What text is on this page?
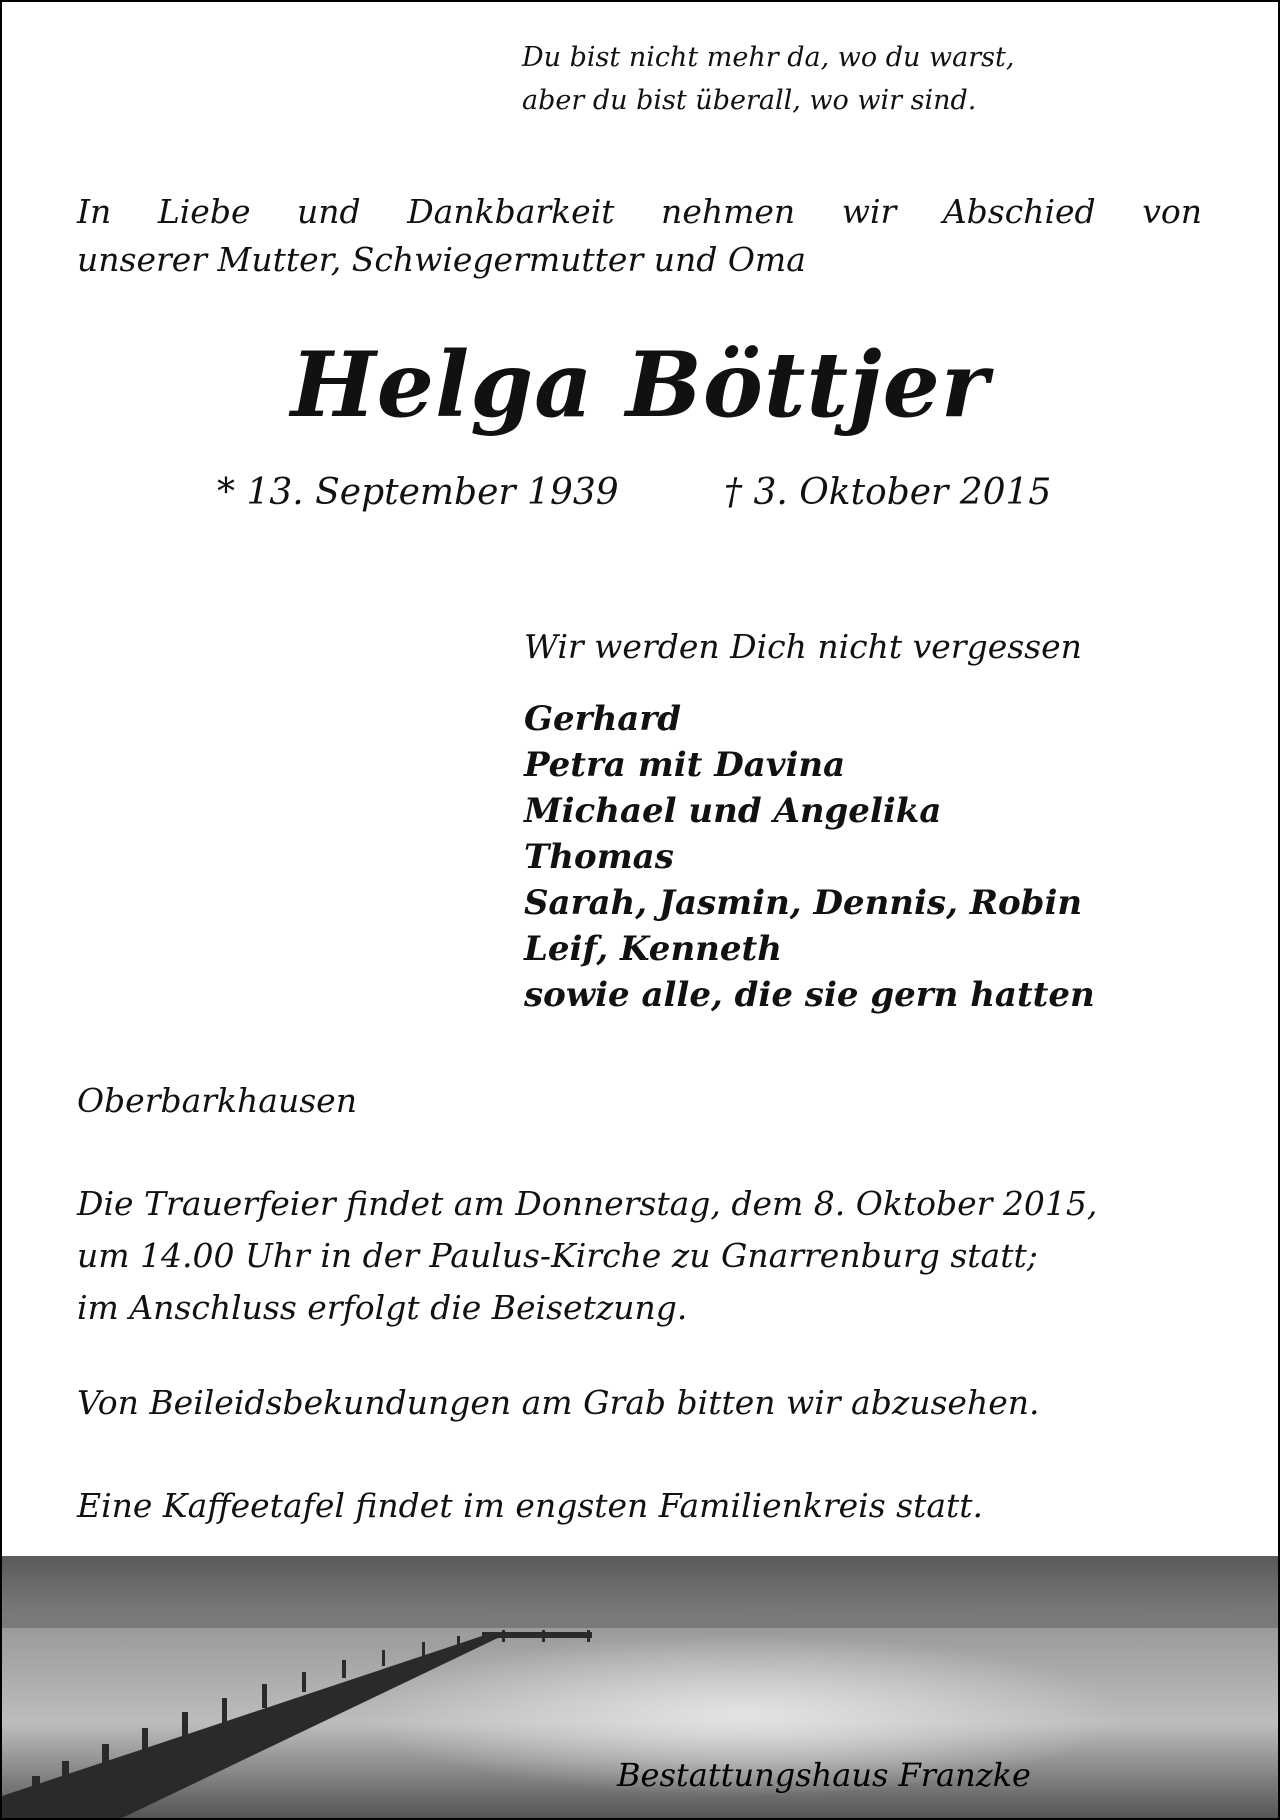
Du bist nicht mehr da, wo du warst,
aber du bist überall, wo wir sind.
In Liebe und Dankbarkeit nehmen wir Abschied von
unserer Mutter, Schwiegermutter und Oma
Helga Böttjer
* 13. September 1939	† 3. Oktober 2015
Wir werden Dich nicht vergessen
Gerhard
Petra mit Davina
Michael und Angelika
Thomas
Sarah, Jasmin, Dennis, Robin
Leif, Kenneth
sowie alle, die sie gern hatten
Oberbarkhausen
Die Trauerfeier findet am Donnerstag, dem 8. Oktober 2015,
um 14.00 Uhr in der Paulus-Kirche zu Gnarrenburg statt;
im Anschluss erfolgt die Beisetzung.
Von Beileidsbekundungen am Grab bitten wir abzusehen.
Eine Kaffeetafel findet im engsten Familienkreis statt.
Bestattungshaus Franzke
